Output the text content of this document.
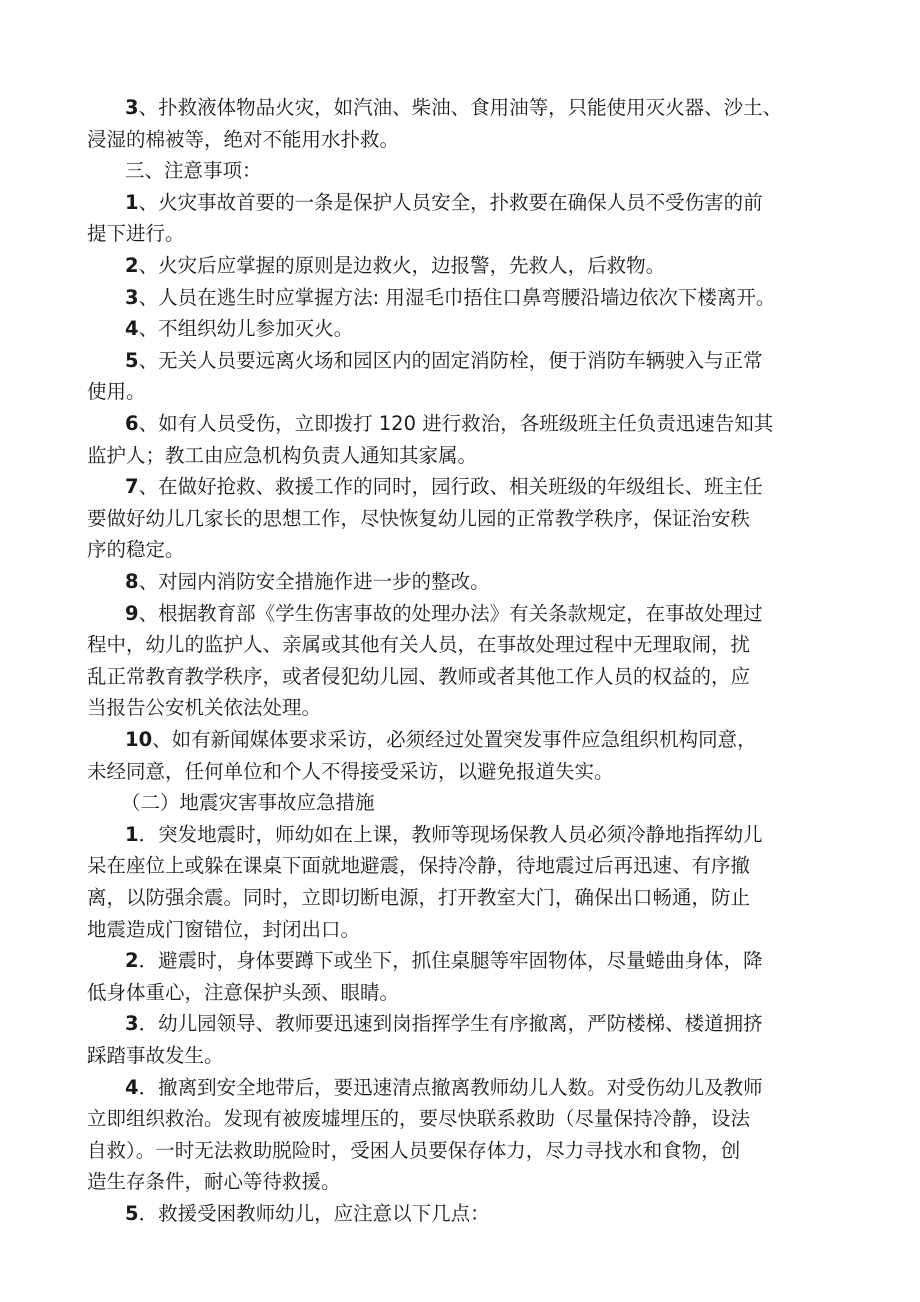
3、扑救液体物品火灾，如汽油、柴油、食用油等，只能使用灭火器、沙土、
浸湿的棉被等，绝对不能用水扑救。
三、注意事项：
1、火灾事故首要的一条是保护人员安全，扑救要在确保人员不受伤害的前
提下进行。
2、火灾后应掌握的原则是边救火，边报警，先救人，后救物。
3、人员在逃生时应掌握方法: 用湿毛巾捂住口鼻弯腰沿墙边依次下楼离开。
4、不组织幼儿参加灭火。
5、无关人员要远离火场和园区内的固定消防栓，便于消防车辆驶入与正常
使用。
6、如有人员受伤，立即拨打 120 进行救治，各班级班主任负责迅速告知其
监护人；教工由应急机构负责人通知其家属。
7、在做好抢救、救援工作的同时，园行政、相关班级的年级组长、班主任
要做好幼儿几家长的思想工作，尽快恢复幼儿园的正常教学秩序，保证治安秩
序的稳定。
8、对园内消防安全措施作进一步的整改。
9、根据教育部《学生伤害事故的处理办法》有关条款规定，在事故处理过
程中，幼儿的监护人、亲属或其他有关人员，在事故处理过程中无理取闹，扰
乱正常教育教学秩序，或者侵犯幼儿园、教师或者其他工作人员的权益的，应
当报告公安机关依法处理。
10、如有新闻媒体要求采访，必须经过处置突发事件应急组织机构同意，
未经同意，任何单位和个人不得接受采访，以避免报道失实。
（二）地震灾害事故应急措施
1．突发地震时，师幼如在上课，教师等现场保教人员必须冷静地指挥幼儿
呆在座位上或躲在课桌下面就地避震，保持冷静，待地震过后再迅速、有序撤
离，以防强余震。同时，立即切断电源，打开教室大门，确保出口畅通，防止
地震造成门窗错位，封闭出口。
2．避震时，身体要蹲下或坐下，抓住桌腿等牢固物体，尽量蜷曲身体，降
低身体重心，注意保护头颈、眼睛。
3．幼儿园领导、教师要迅速到岗指挥学生有序撤离，严防楼梯、楼道拥挤
踩踏事故发生。
4．撤离到安全地带后，要迅速清点撤离教师幼儿人数。对受伤幼儿及教师
立即组织救治。发现有被废墟埋压的，要尽快联系救助（尽量保持冷静，设法
自救）。一时无法救助脱险时，受困人员要保存体力，尽力寻找水和食物，创
造生存条件，耐心等待救援。
5．救援受困教师幼儿，应注意以下几点：
